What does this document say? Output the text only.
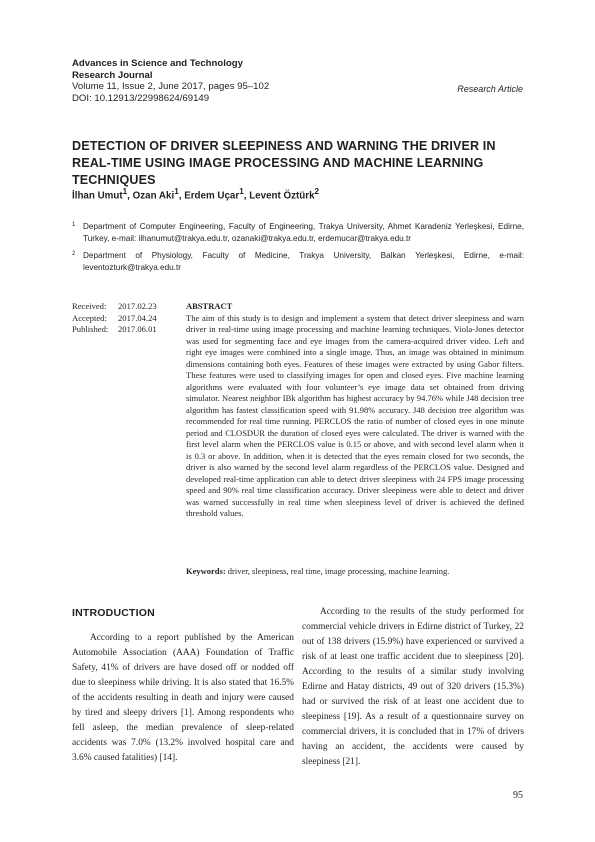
Advances in Science and Technology
Research Journal
Volume 11, Issue 2, June 2017, pages 95–102
DOI: 10.12913/22998624/69149
Research Article
DETECTION OF DRIVER SLEEPINESS AND WARNING THE DRIVER IN REAL-TIME USING IMAGE PROCESSING AND MACHINE LEARNING TECHNIQUES
İlhan Umut$^1$, Ozan Aki$^1$, Erdem Uçar$^1$, Levent Öztürk$^2$
1 Department of Computer Engineering, Faculty of Engineering, Trakya University, Ahmet Karadeniz Yerleşkesi, Edirne, Turkey, e-mail: ilhanumut@trakya.edu.tr, ozanaki@trakya.edu.tr, erdemucar@trakya.edu.tr
2 Department of Physiology, Faculty of Medicine, Trakya University, Balkan Yerleşkesi, Edirne, e-mail: leventozturk@trakya.edu.tr
Received:	2017.02.23
Accepted:	2017.04.24
Published:	2017.06.01
ABSTRACT
The aim of this study is to design and implement a system that detect driver sleepiness and warn driver in real-time using image processing and machine learning techniques. Viola-Jones detector was used for segmenting face and eye images from the camera-acquired driver video. Left and right eye images were combined into a single image. Thus, an image was obtained in minimum dimensions containing both eyes. Features of these images were extracted by using Gabor filters. These features were used to classifying images for open and closed eyes. Five machine learning algorithms were evaluated with four volunteer’s eye image data set obtained from driving simulator. Nearest neighbor IBk algorithm has highest accuracy by 94.76% while J48 decision tree algorithm has fastest classification speed with 91.98% accuracy. J48 decision tree algorithm was recommended for real time running. PERCLOS the ratio of number of closed eyes in one minute period and CLOSDUR the duration of closed eyes were calculated. The driver is warned with the first level alarm when the PERCLOS value is 0.15 or above, and with second level alarm when it is 0.3 or above. In addition, when it is detected that the eyes remain closed for two seconds, the driver is also warned by the second level alarm regardless of the PERCLOS value. Designed and developed real-time application can able to detect driver sleepiness with 24 FPS image processing speed and 90% real time classification accuracy. Driver sleepiness were able to detect and driver was warned successfully in real time when sleepiness level of driver is achieved the defined threshold values.
Keywords: driver, sleepiness, real time, image processing, machine learning.
INTRODUCTION

According to a report published by the American Automobile Association (AAA) Foundation of Traffic Safety, 41% of drivers are have dosed off or nodded off due to sleepiness while driving. It is also stated that 16.5% of the accidents resulting in death and injury were caused by tired and sleepy drivers [1]. Among respondents who fell asleep, the median prevalence of sleep-related accidents was 7.0% (13.2% involved hospital care and 3.6% caused fatalities) [14].

According to the results of the study performed for commercial vehicle drivers in Edirne district of Turkey, 22 out of 138 drivers (15.9%) have experienced or survived a risk of at least one traffic accident due to sleepiness [20]. According to the results of a similar study involving Edirne and Hatay districts, 49 out of 320 drivers (15.3%) had or survived the risk of at least one accident due to sleepiness [19]. As a result of a questionnaire survey on commercial drivers, it is concluded that in 17% of drivers having an accident, the accidents were caused by sleepiness [21].

95
